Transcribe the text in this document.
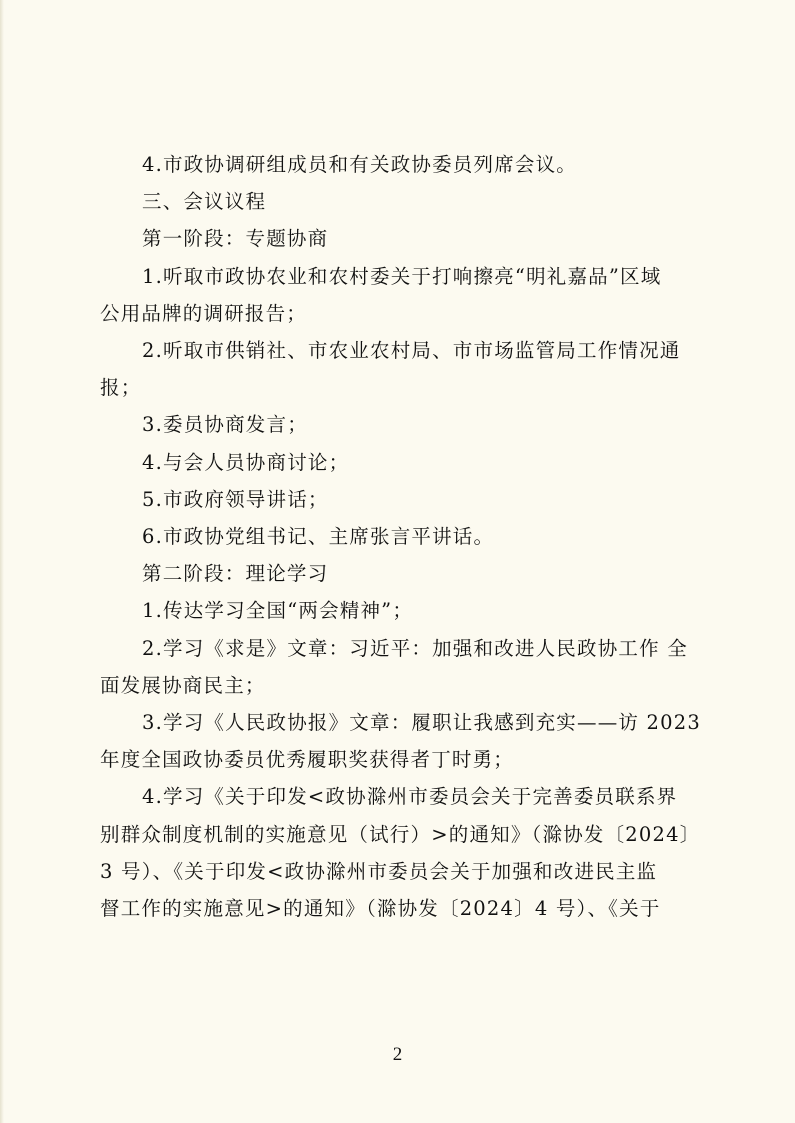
4.市政协调研组成员和有关政协委员列席会议。

三、会议议程

第一阶段：专题协商

1.听取市政协农业和农村委关于打响擦亮“明礼嘉品”区域

公用品牌的调研报告；

2.听取市供销社、市农业农村局、市市场监管局工作情况通

报；

3.委员协商发言；

4.与会人员协商讨论；

5.市政府领导讲话；

6.市政协党组书记、主席张言平讲话。

第二阶段：理论学习

1.传达学习全国“两会精神”；

2.学习《求是》文章：习近平：加强和改进人民政协工作 全

面发展协商民主；

3.学习《人民政协报》文章：履职让我感到充实——访 2023

年度全国政协委员优秀履职奖获得者丁时勇；

4.学习《关于印发<政协滁州市委员会关于完善委员联系界

别群众制度机制的实施意见（试行）>的通知》（滁协发〔2024〕

3 号）、《关于印发<政协滁州市委员会关于加强和改进民主监

督工作的实施意见>的通知》（滁协发〔2024〕4 号）、《关于

2
